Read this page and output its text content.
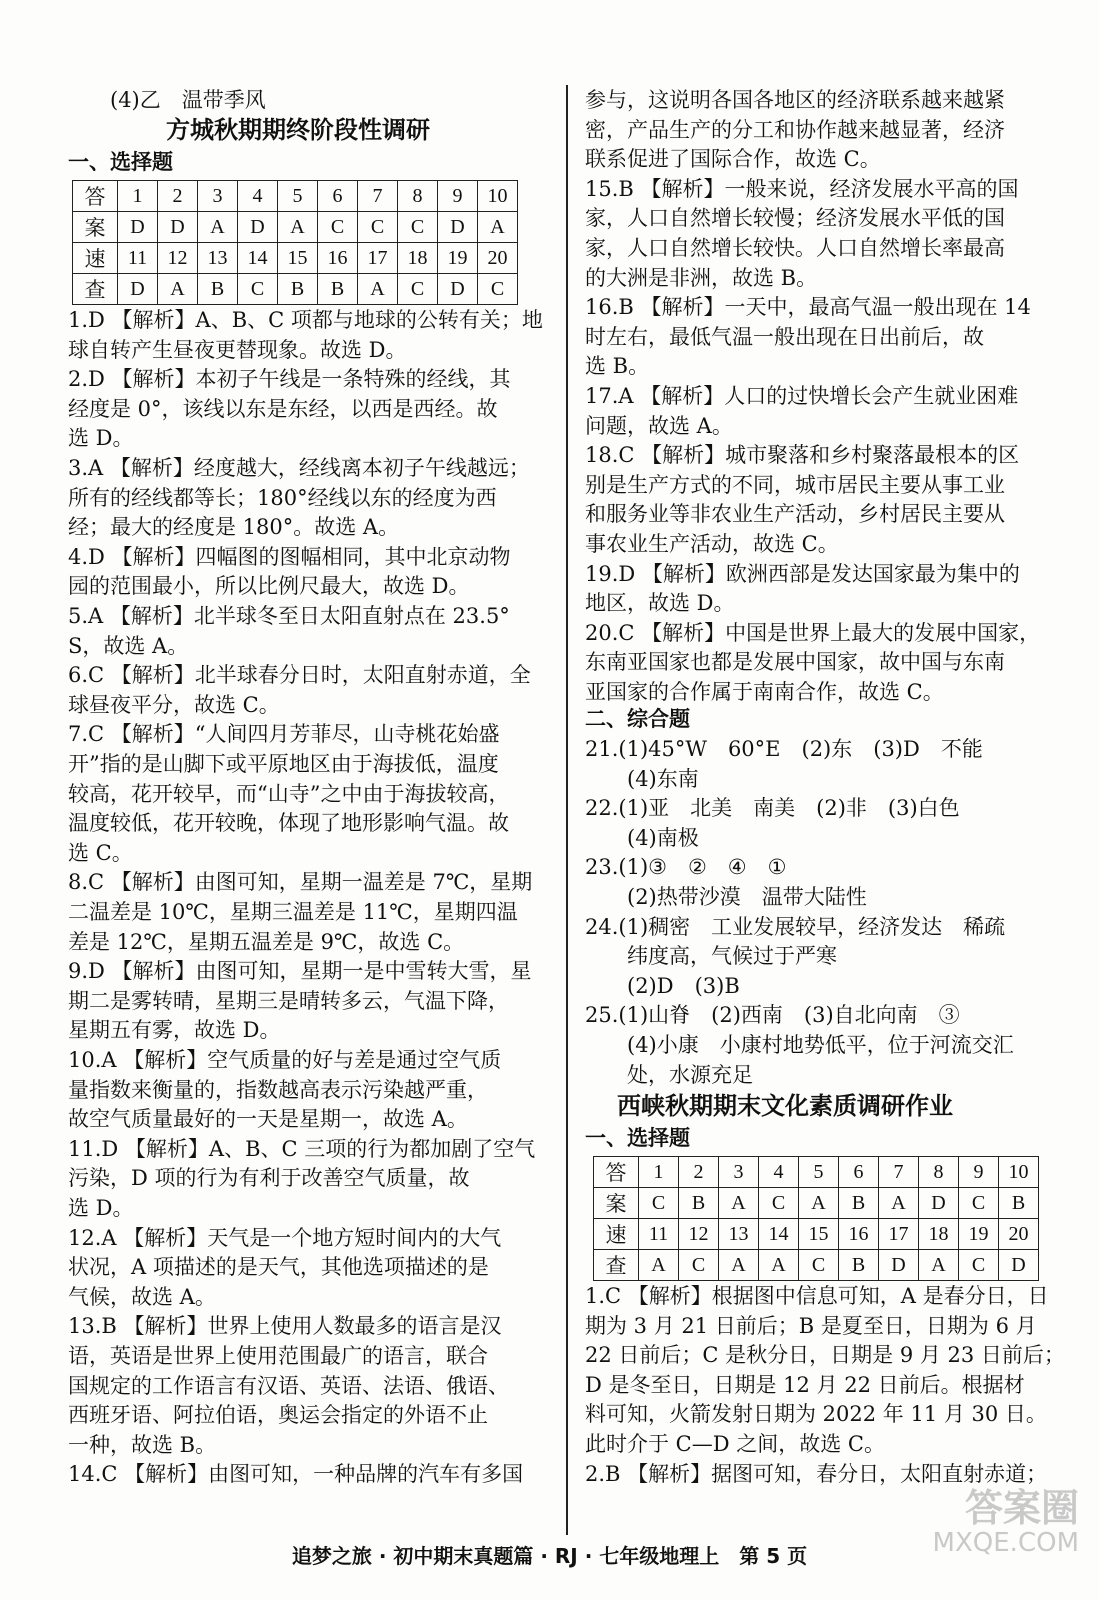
(4)乙　温带季风
方城秋期期终阶段性调研
一、选择题
答	1	2	3	4	5	6	7	8	9	10
案	D	D	A	D	A	C	C	C	D	A
速	11	12	13	14	15	16	17	18	19	20
查	D	A	B	C	B	B	A	C	D	C
1.D 【解析】A、B、C 项都与地球的公转有关；地
球自转产生昼夜更替现象。故选 D。
2.D 【解析】本初子午线是一条特殊的经线，其
经度是 0°，该线以东是东经，以西是西经。故
选 D。
3.A 【解析】经度越大，经线离本初子午线越远；
所有的经线都等长；180°经线以东的经度为西
经；最大的经度是 180°。故选 A。
4.D 【解析】四幅图的图幅相同，其中北京动物
园的范围最小，所以比例尺最大，故选 D。
5.A 【解析】北半球冬至日太阳直射点在 23.5°
S，故选 A。
6.C 【解析】北半球春分日时，太阳直射赤道，全
球昼夜平分，故选 C。
7.C 【解析】“人间四月芳菲尽，山寺桃花始盛
开”指的是山脚下或平原地区由于海拔低，温度
较高，花开较早，而“山寺”之中由于海拔较高，
温度较低，花开较晚，体现了地形影响气温。故
选 C。
8.C 【解析】由图可知，星期一温差是 7℃，星期
二温差是 10℃，星期三温差是 11℃，星期四温
差是 12℃，星期五温差是 9℃，故选 C。
9.D 【解析】由图可知，星期一是中雪转大雪，星
期二是雾转晴，星期三是晴转多云，气温下降，
星期五有雾，故选 D。
10.A 【解析】空气质量的好与差是通过空气质
量指数来衡量的，指数越高表示污染越严重，
故空气质量最好的一天是星期一，故选 A。
11.D 【解析】A、B、C 三项的行为都加剧了空气
污染，D 项的行为有利于改善空气质量，故
选 D。
12.A 【解析】天气是一个地方短时间内的大气
状况，A 项描述的是天气，其他选项描述的是
气候，故选 A。
13.B 【解析】世界上使用人数最多的语言是汉
语，英语是世界上使用范围最广的语言，联合
国规定的工作语言有汉语、英语、法语、俄语、
西班牙语、阿拉伯语，奥运会指定的外语不止
一种，故选 B。
14.C 【解析】由图可知，一种品牌的汽车有多国
参与，这说明各国各地区的经济联系越来越紧
密，产品生产的分工和协作越来越显著，经济
联系促进了国际合作，故选 C。
15.B 【解析】一般来说，经济发展水平高的国
家，人口自然增长较慢；经济发展水平低的国
家，人口自然增长较快。人口自然增长率最高
的大洲是非洲，故选 B。
16.B 【解析】一天中，最高气温一般出现在 14
时左右，最低气温一般出现在日出前后，故
选 B。
17.A 【解析】人口的过快增长会产生就业困难
问题，故选 A。
18.C 【解析】城市聚落和乡村聚落最根本的区
别是生产方式的不同，城市居民主要从事工业
和服务业等非农业生产活动，乡村居民主要从
事农业生产活动，故选 C。
19.D 【解析】欧洲西部是发达国家最为集中的
地区，故选 D。
20.C 【解析】中国是世界上最大的发展中国家，
东南亚国家也都是发展中国家，故中国与东南
亚国家的合作属于南南合作，故选 C。
二、综合题
21.(1)45°W　60°E　(2)东　(3)D　不能
　　(4)东南
22.(1)亚　北美　南美　(2)非　(3)白色
　　(4)南极
23.(1)③　②　④　①
　　(2)热带沙漠　温带大陆性
24.(1)稠密　工业发展较早，经济发达　稀疏
　　纬度高，气候过于严寒
　　(2)D　(3)B
25.(1)山脊　(2)西南　(3)自北向南　③
　　(4)小康　小康村地势低平，位于河流交汇
　　处，水源充足
西峡秋期期末文化素质调研作业
一、选择题
答	1	2	3	4	5	6	7	8	9	10
案	C	B	A	C	A	B	A	D	C	B
速	11	12	13	14	15	16	17	18	19	20
查	A	C	A	A	C	B	D	A	C	D
1.C 【解析】根据图中信息可知，A 是春分日，日
期为 3 月 21 日前后；B 是夏至日，日期为 6 月
22 日前后；C 是秋分日，日期是 9 月 23 日前后；
D 是冬至日，日期是 12 月 22 日前后。根据材
料可知，火箭发射日期为 2022 年 11 月 30 日。
此时介于 C—D 之间，故选 C。
2.B 【解析】据图可知，春分日，太阳直射赤道；
追梦之旅 · 初中期末真题篇 · RJ · 七年级地理上　第 5 页
答案圈
MXQE.COM
